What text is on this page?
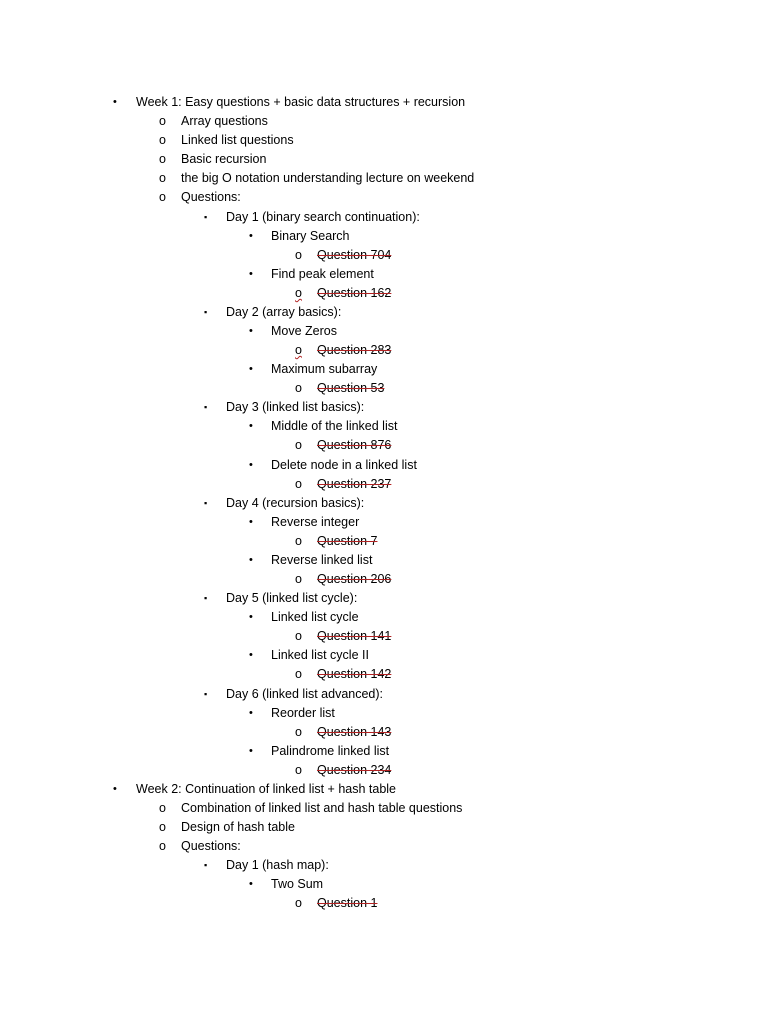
• Week 1: Easy questions + basic data structures + recursion
o Array questions
o Linked list questions
o Basic recursion
o the big O notation understanding lecture on weekend
o Questions:
▪ Day 1 (binary search continuation):
• Binary Search
o Question 704
• Find peak element
o Question 162
▪ Day 2 (array basics):
• Move Zeros
o Question 283
• Maximum subarray
o Question 53
▪ Day 3 (linked list basics):
• Middle of the linked list
o Question 876
• Delete node in a linked list
o Question 237
▪ Day 4 (recursion basics):
• Reverse integer
o Question 7
• Reverse linked list
o Question 206
▪ Day 5 (linked list cycle):
• Linked list cycle
o Question 141
• Linked list cycle II
o Question 142
▪ Day 6 (linked list advanced):
• Reorder list
o Question 143
• Palindrome linked list
o Question 234
• Week 2: Continuation of linked list + hash table
o Combination of linked list and hash table questions
o Design of hash table
o Questions:
▪ Day 1 (hash map):
• Two Sum
o Question 1
